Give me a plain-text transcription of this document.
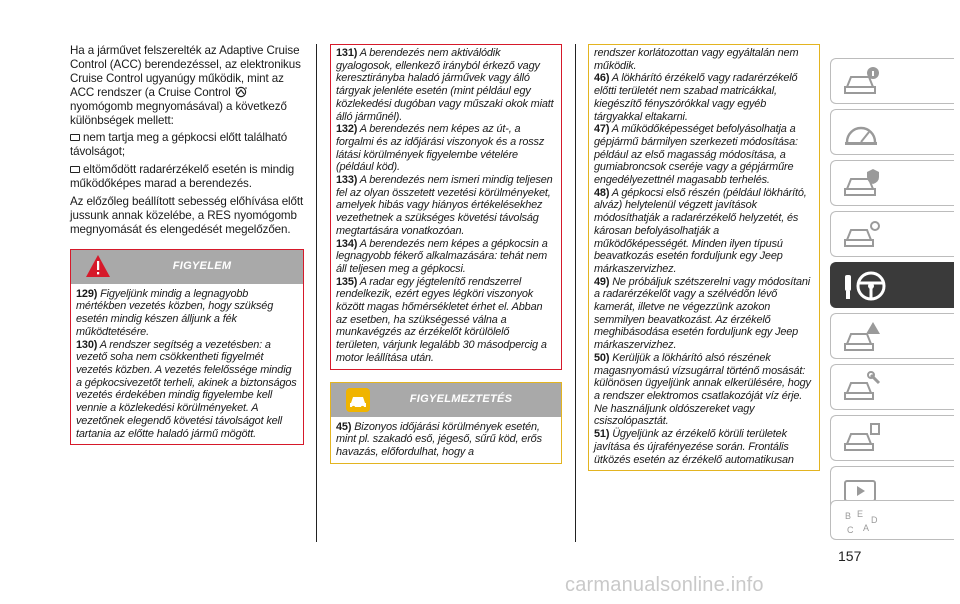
Ha a járművet felszerelték az Adaptive Cruise Control (ACC) berendezéssel, az elektronikus Cruise Control ugyanúgy működik, mint az ACC rendszer (a Cruise Control  nyomógomb megnyomásával) a következő különbségek mellett:

nem tartja meg a gépkocsi előtt található távolságot;

eltömődött radarérzékelő esetén is mindig működőképes marad a berendezés.

Az előzőleg beállított sebesség előhívása előtt jussunk annak közelébe, a RES nyomógomb megnyomását és elengedését megelőzően.

FIGYELEM

129) Figyeljünk mindig a legnagyobb mértékben vezetés közben, hogy szükség esetén mindig készen álljunk a fék működtetésére.

130) A rendszer segítség a vezetésben: a vezető soha nem csökkentheti figyelmét vezetés közben. A vezetés felelőssége mindig a gépkocsivezetőt terheli, akinek a biztonságos vezetés érdekében mindig figyelembe kell vennie a közlekedési körülményeket. A vezetőnek elegendő követési távolságot kell tartania az előtte haladó jármű mögött.

131) A berendezés nem aktiválódik gyalogosok, ellenkező irányból érkező vagy keresztirányba haladó járművek vagy álló tárgyak jelenléte esetén (mint például egy közlekedési dugóban vagy műszaki okok miatt álló járműnél).

132) A berendezés nem képes az út-, a forgalmi és az időjárási viszonyok és a rossz látási körülmények figyelembe vételére (például köd).

133) A berendezés nem ismeri mindig teljesen fel az olyan összetett vezetési körülményeket, amelyek hibás vagy hiányos értékelésekhez vezethetnek a szükséges követési távolság megtartására vonatkozóan.

134) A berendezés nem képes a gépkocsin a legnagyobb fékerő alkalmazására: tehát nem áll teljesen meg a gépkocsi.

135) A radar egy jégtelenítő rendszerrel rendelkezik, ezért egyes légköri viszonyok között magas hőmérsékletet érhet el. Abban az esetben, ha szükségessé válna a munkavégzés az érzékelőt körülölelő területen, várjunk legalább 30 másodpercig a motor leállítása után.

FIGYELMEZTETÉS

45) Bizonyos időjárási körülmények esetén, mint pl. szakadó eső, jégeső, sűrű köd, erős havazás, előfordulhat, hogy a

rendszer korlátozottan vagy egyáltalán nem működik.

46) A lökhárító érzékelő vagy radarérzékelő előtti területét nem szabad matricákkal, kiegészítő fényszórókkal vagy egyéb tárgyakkal eltakarni.

47) A működőképességet befolyásolhatja a gépjármű bármilyen szerkezeti módosítása: például az első magasság módosítása, a gumiabroncsok cseréje vagy a gépjárműre engedélyezettnél magasabb terhelés.

48) A gépkocsi első részén (például lökhárító, alváz) helytelenül végzett javítások módosíthatják a radarérzékelő helyzetét, és károsan befolyásolhatják a működőképességét. Minden ilyen típusú beavatkozás esetén forduljunk egy Jeep márkaszervizhez.

49) Ne próbáljuk szétszerelni vagy módosítani a radarérzékelőt vagy a szélvédőn lévő kamerát, illetve ne végezzünk azokon semmilyen beavatkozást. Az érzékelő meghibásodása esetén forduljunk egy Jeep márkaszervizhez.

50) Kerüljük a lökhárító alsó részének magasnyomású vízsugárral történő mosását: különösen ügyeljünk annak elkerülésére, hogy a rendszer elektromos csatlakozóját víz érje. Ne használjunk oldószereket vagy csiszolópasztát.

51) Ügyeljünk az érzékelő körüli területek javítása és újrafényezése során. Frontális ütközés esetén az érzékelő automatikusan

B E
C A
D
157
carmanualsonline.info
